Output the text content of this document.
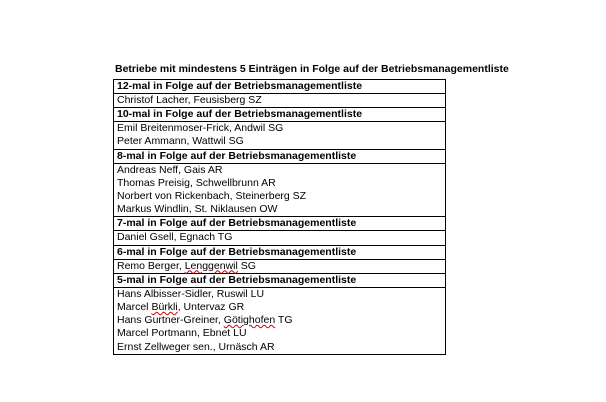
Betriebe mit mindestens 5 Einträgen in Folge auf der Betriebsmanagementliste
12-mal in Folge auf der Betriebsmanagementliste

Christof Lacher, Feusisberg SZ

10-mal in Folge auf der Betriebsmanagementliste

Emil Breitenmoser-Frick, Andwil SG
Peter Ammann, Wattwil SG

8-mal in Folge auf der Betriebsmanagementliste

Andreas Neff, Gais AR
Thomas Preisig, Schwellbrunn AR
Norbert von Rickenbach, Steinerberg SZ
Markus Windlin, St. Niklausen OW

7-mal in Folge auf der Betriebsmanagementliste

Daniel Gsell, Egnach TG

6-mal in Folge auf der Betriebsmanagementliste

Remo Berger, Lenggenwil SG

5-mal in Folge auf der Betriebsmanagementliste

Hans Albisser-Sidler, Ruswil LU
Marcel Bürkli, Untervaz GR
Hans Gurtner-Greiner, Götighofen TG
Marcel Portmann, Ebnet LU
Ernst Zellweger sen., Urnäsch AR
